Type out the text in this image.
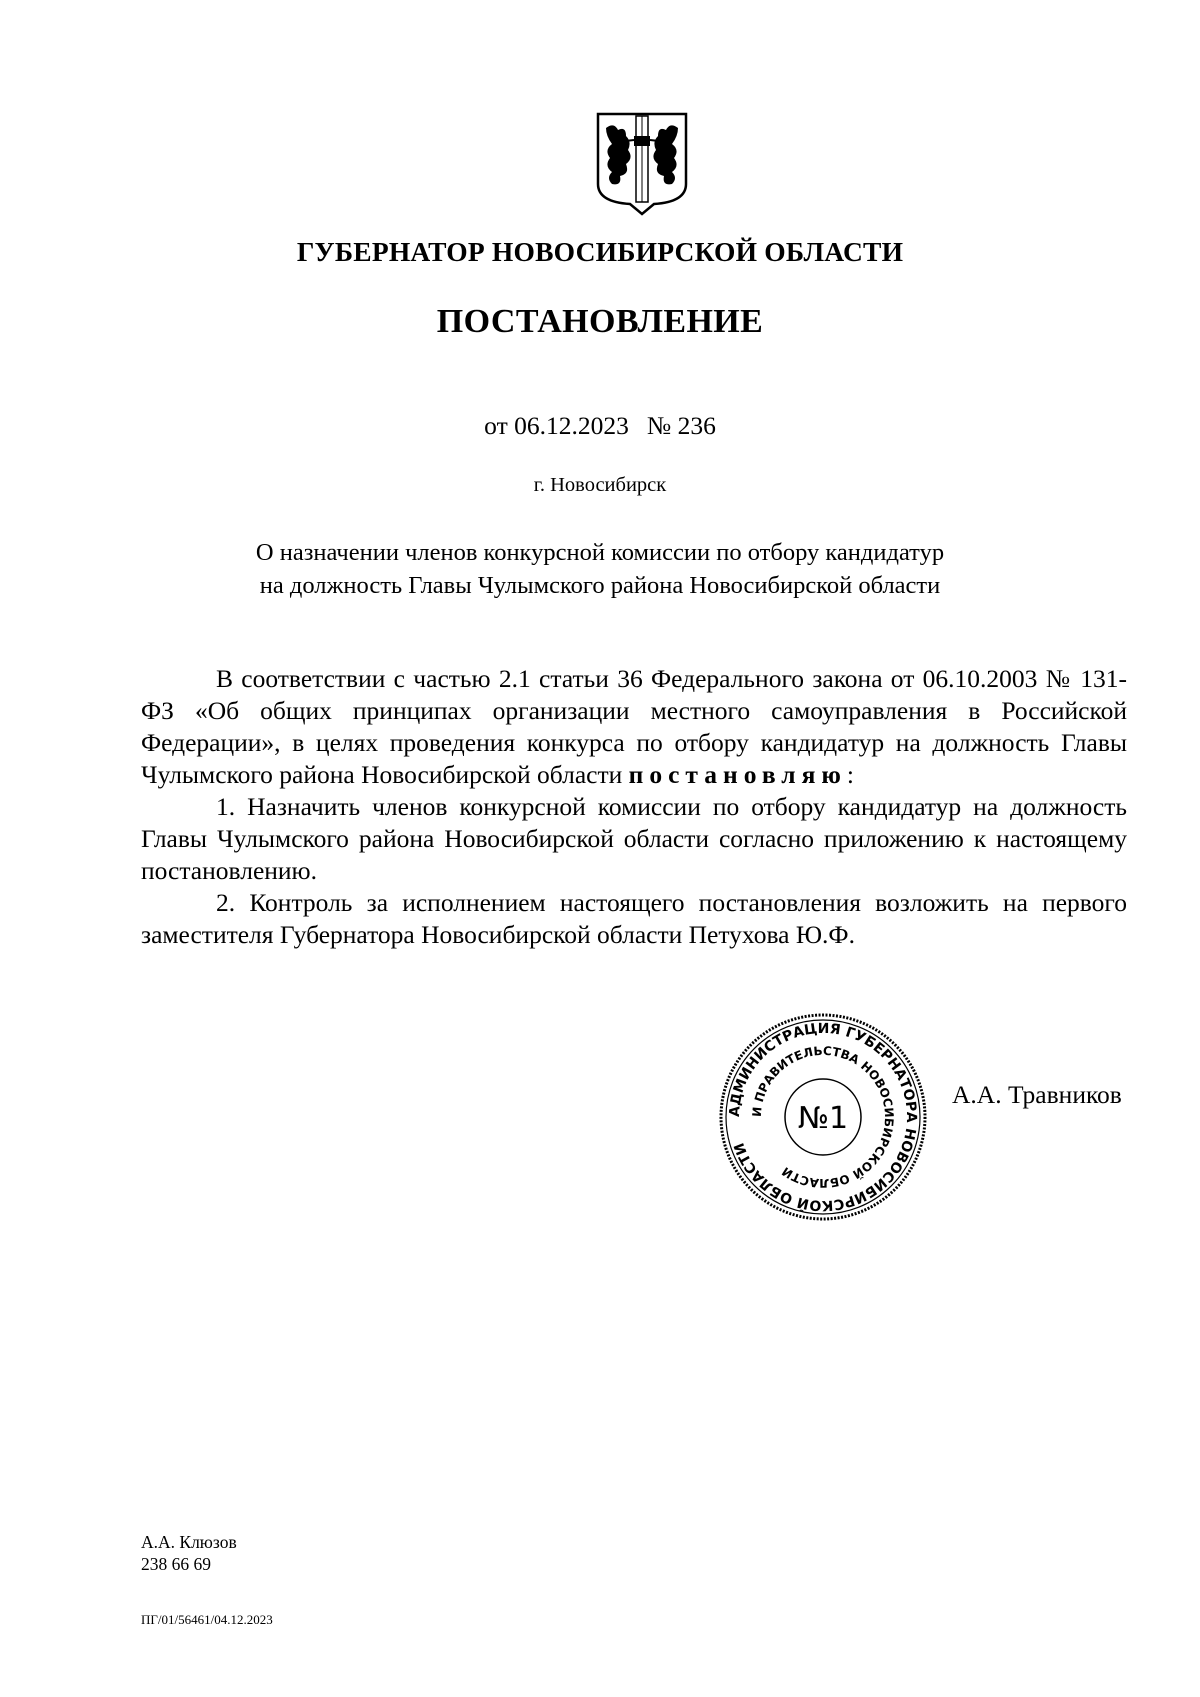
ГУБЕРНАТОР НОВОСИБИРСКОЙ ОБЛАСТИ
ПОСТАНОВЛЕНИЕ
от 06.12.2023 № 236
г. Новосибирск
О назначении членов конкурсной комиссии по отбору кандидатур
на должность Главы Чулымского района Новосибирской области

В соответствии с частью 2.1 статьи 36 Федерального закона от 06.10.2003 № 131-ФЗ «Об общих принципах организации местного самоуправления в Российской Федерации», в целях проведения конкурса по отбору кандидатур на должность Главы Чулымского района Новосибирской области постановляю:

1. Назначить членов конкурсной комиссии по отбору кандидатур на должность Главы Чулымского района Новосибирской области согласно приложению к настоящему постановлению.

2. Контроль за исполнением настоящего постановления возложить на первого заместителя Губернатора Новосибирской области Петухова Ю.Ф.

АДМИНИСТРАЦИЯ ГУБЕРНАТОРА НОВОСИБИРСКОЙ ОБЛАСТИ
И ПРАВИТЕЛЬСТВА НОВОСИБИРСКОЙ ОБЛАСТИ
№1
А.А. Травников
А.А. Клюзов
238 66 69
ПГ/01/56461/04.12.2023
